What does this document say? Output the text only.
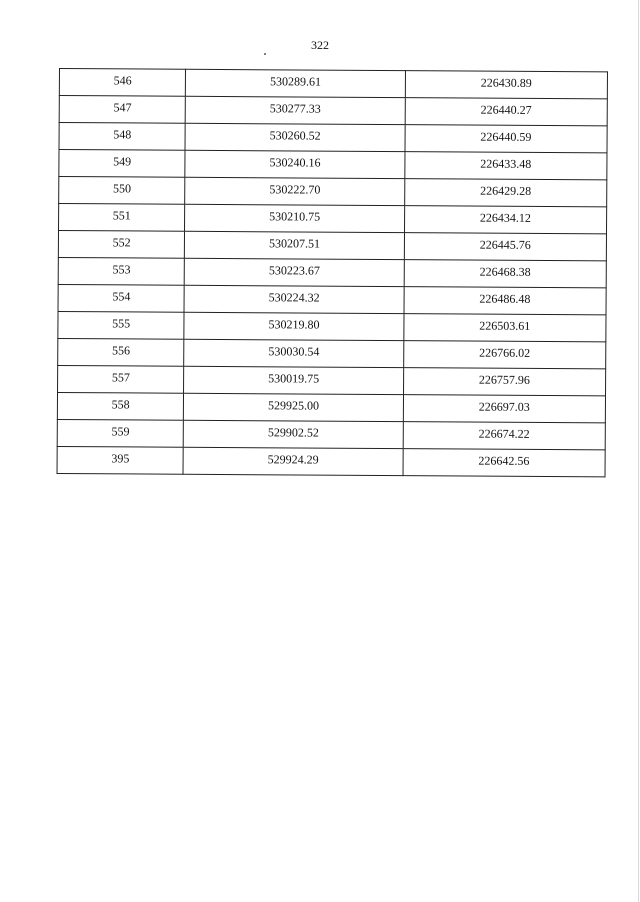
322
546	530289.61	226430.89
547	530277.33	226440.27
548	530260.52	226440.59
549	530240.16	226433.48
550	530222.70	226429.28
551	530210.75	226434.12
552	530207.51	226445.76
553	530223.67	226468.38
554	530224.32	226486.48
555	530219.80	226503.61
556	530030.54	226766.02
557	530019.75	226757.96
558	529925.00	226697.03
559	529902.52	226674.22
395	529924.29	226642.56
